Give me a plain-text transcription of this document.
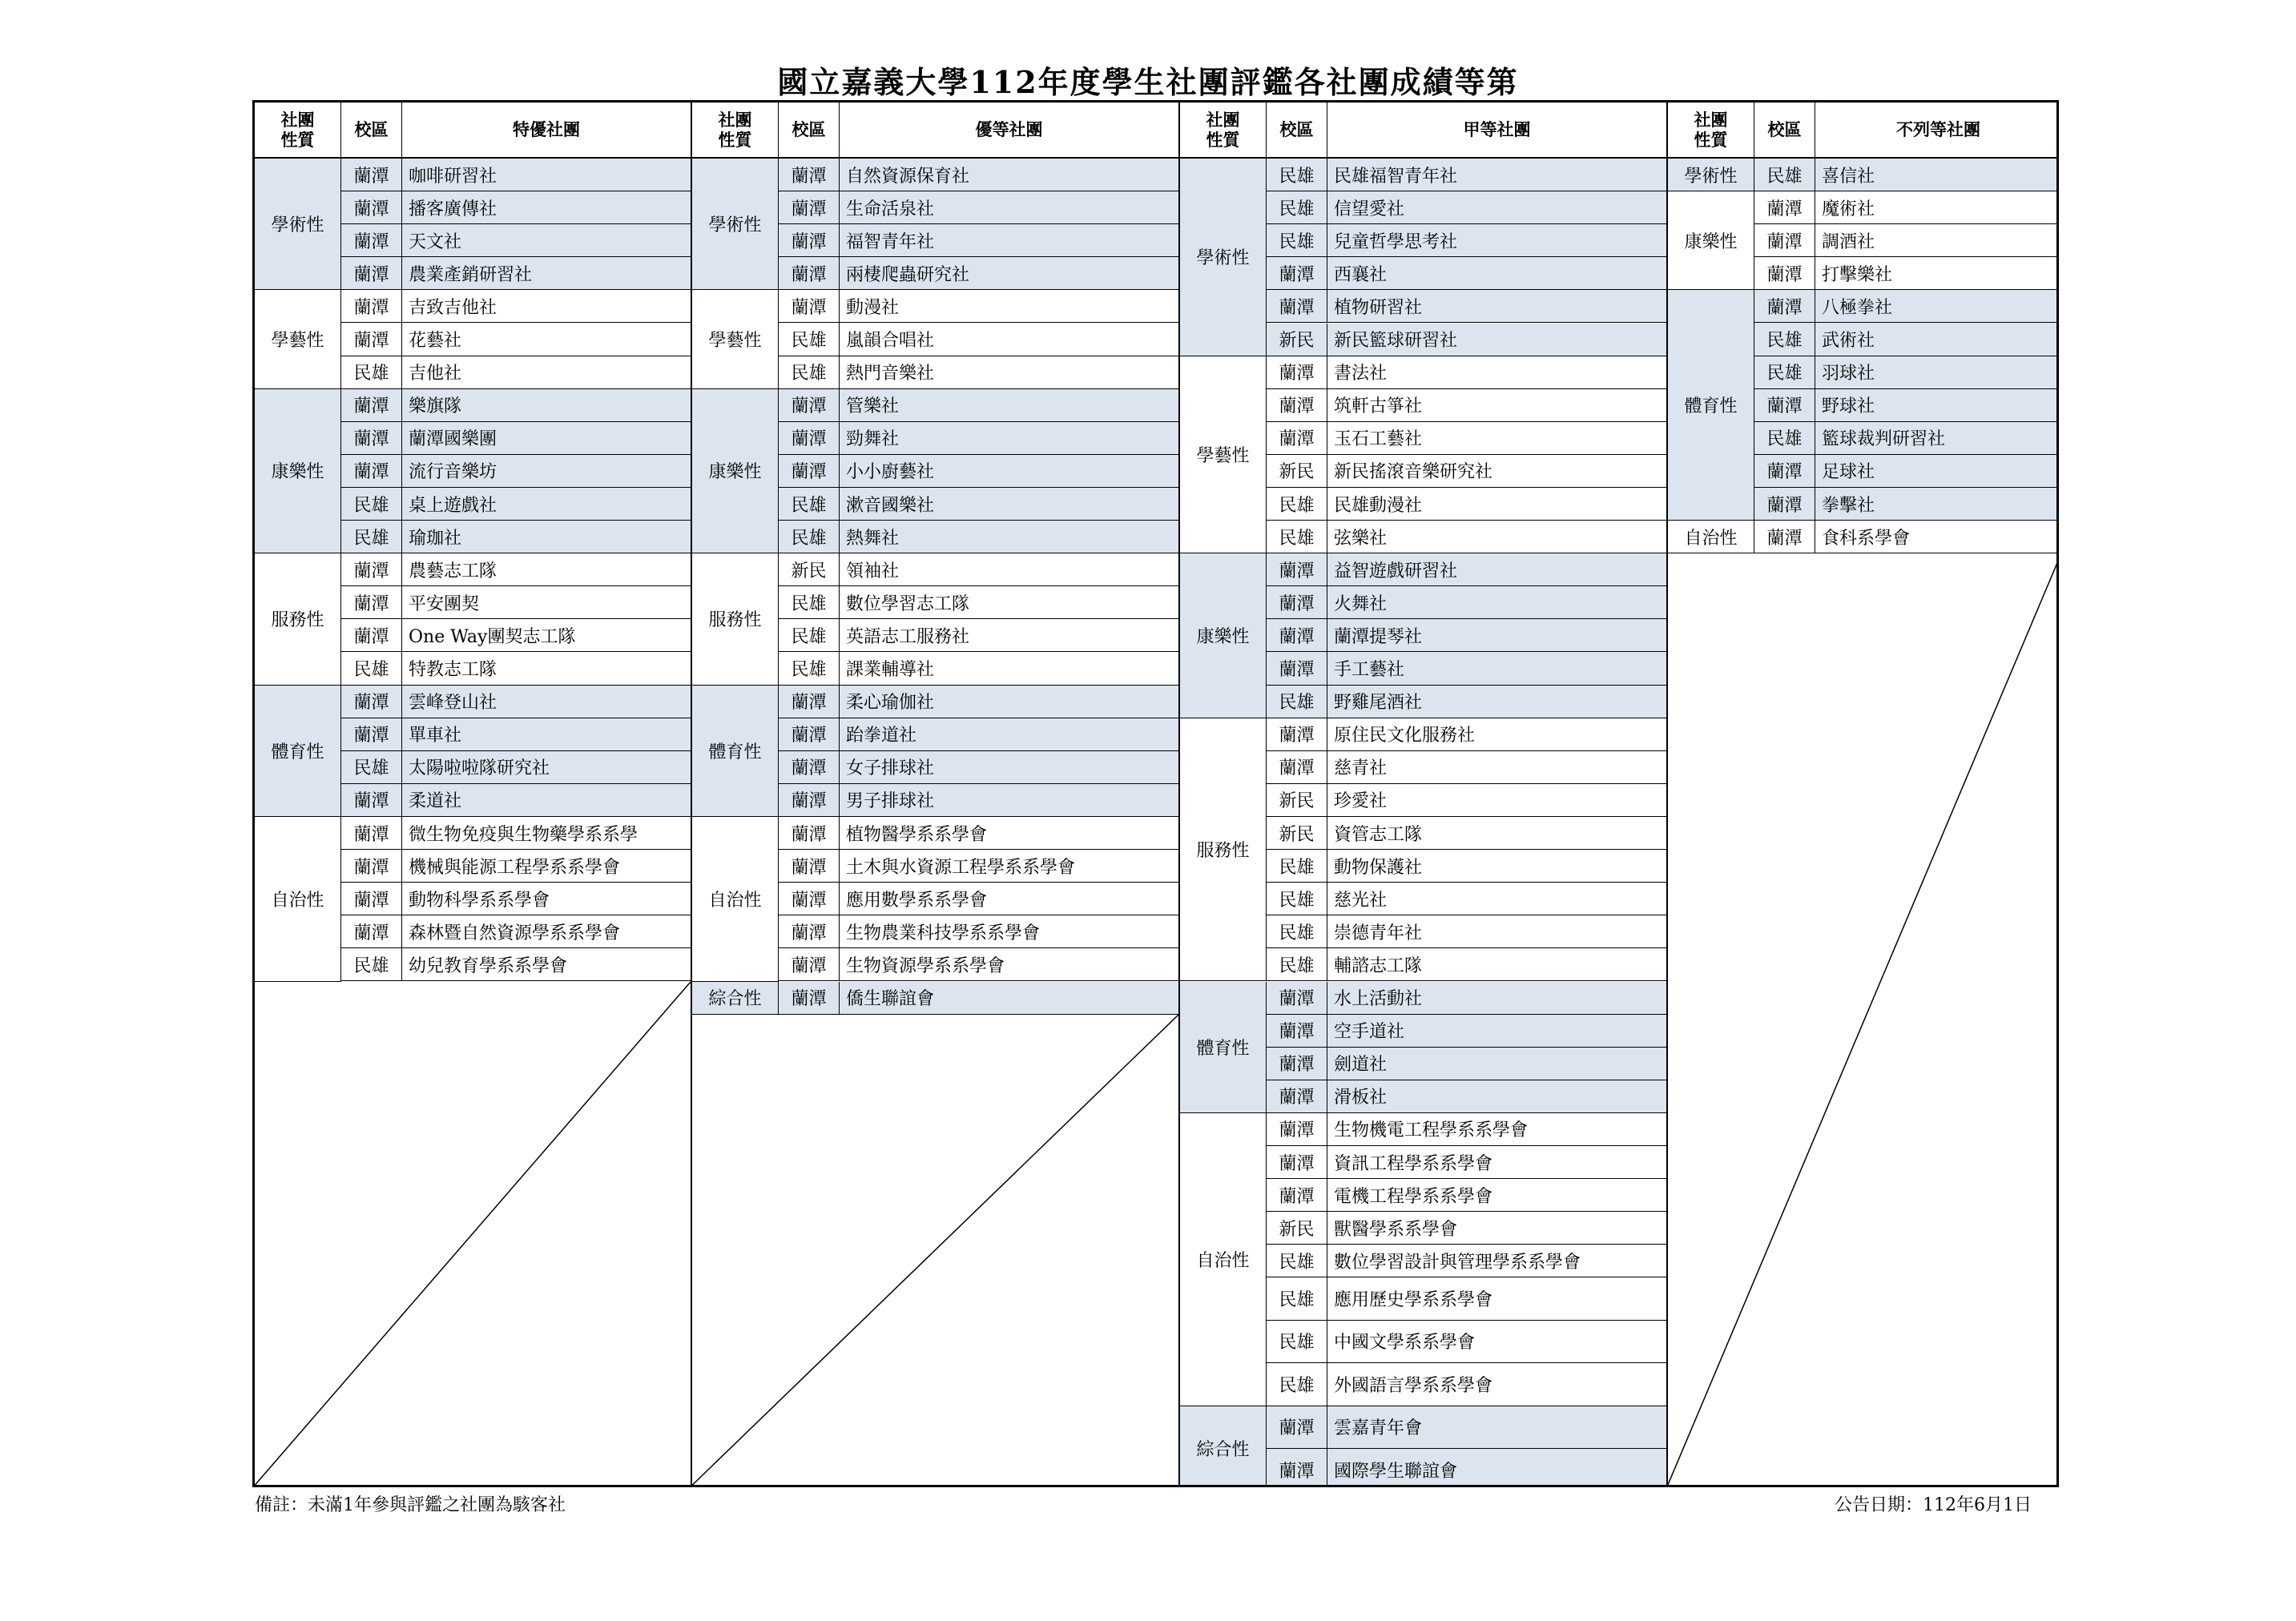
國立嘉義大學112年度學生社團評鑑各社團成績等第
社團
性質
校區	特優社團
學術性
蘭潭	咖啡研習社
蘭潭	播客廣傳社
蘭潭	天文社
蘭潭	農業產銷研習社
學藝性
蘭潭	吉致吉他社
蘭潭	花藝社
民雄	吉他社
康樂性
蘭潭	樂旗隊
蘭潭	蘭潭國樂團
蘭潭	流行音樂坊
民雄	桌上遊戲社
民雄	瑜珈社
服務性
蘭潭	農藝志工隊
蘭潭	平安團契
蘭潭	One Way團契志工隊
民雄	特教志工隊
體育性
蘭潭	雲峰登山社
蘭潭	單車社
民雄	太陽啦啦隊研究社
蘭潭	柔道社
自治性
蘭潭	微生物免疫與生物藥學系系學
蘭潭	機械與能源工程學系系學會
蘭潭	動物科學系系學會
蘭潭	森林暨自然資源學系系學會
民雄	幼兒教育學系系學會
社團
性質
校區	優等社團
學術性
蘭潭	自然資源保育社
蘭潭	生命活泉社
蘭潭	福智青年社
蘭潭	兩棲爬蟲研究社
學藝性
蘭潭	動漫社
民雄	嵐韻合唱社
民雄	熱門音樂社
康樂性
蘭潭	管樂社
蘭潭	勁舞社
蘭潭	小小廚藝社
民雄	漱音國樂社
民雄	熱舞社
服務性
新民	領袖社
民雄	數位學習志工隊
民雄	英語志工服務社
民雄	課業輔導社
體育性
蘭潭	柔心瑜伽社
蘭潭	跆拳道社
蘭潭	女子排球社
蘭潭	男子排球社
自治性
蘭潭	植物醫學系系學會
蘭潭	土木與水資源工程學系系學會
蘭潭	應用數學系系學會
蘭潭	生物農業科技學系系學會
蘭潭	生物資源學系系學會
綜合性	蘭潭	僑生聯誼會
社團
性質
校區	甲等社團
學術性
民雄	民雄福智青年社
民雄	信望愛社
民雄	兒童哲學思考社
蘭潭	西襄社
蘭潭	植物研習社
新民	新民籃球研習社
學藝性
蘭潭	書法社
蘭潭	筑軒古箏社
蘭潭	玉石工藝社
新民	新民搖滾音樂研究社
民雄	民雄動漫社
民雄	弦樂社
康樂性
蘭潭	益智遊戲研習社
蘭潭	火舞社
蘭潭	蘭潭提琴社
蘭潭	手工藝社
民雄	野雞尾酒社
服務性
蘭潭	原住民文化服務社
蘭潭	慈青社
新民	珍愛社
新民	資管志工隊
民雄	動物保護社
民雄	慈光社
民雄	崇德青年社
民雄	輔諮志工隊
體育性
蘭潭	水上活動社
蘭潭	空手道社
蘭潭	劍道社
蘭潭	滑板社
自治性
蘭潭	生物機電工程學系系學會
蘭潭	資訊工程學系系學會
蘭潭	電機工程學系系學會
新民	獸醫學系系學會
民雄	數位學習設計與管理學系系學會
民雄	應用歷史學系系學會
民雄	中國文學系系學會
民雄	外國語言學系系學會
綜合性
蘭潭	雲嘉青年會
蘭潭	國際學生聯誼會
社團
性質
校區	不列等社團
學術性	民雄	喜信社
康樂性
蘭潭	魔術社
蘭潭	調酒社
蘭潭	打擊樂社
體育性
蘭潭	八極拳社
民雄	武術社
民雄	羽球社
蘭潭	野球社
民雄	籃球裁判研習社
蘭潭	足球社
蘭潭	拳擊社
自治性	蘭潭	食科系學會
備註：未滿1年參與評鑑之社團為駭客社	公告日期：112年6月1日
